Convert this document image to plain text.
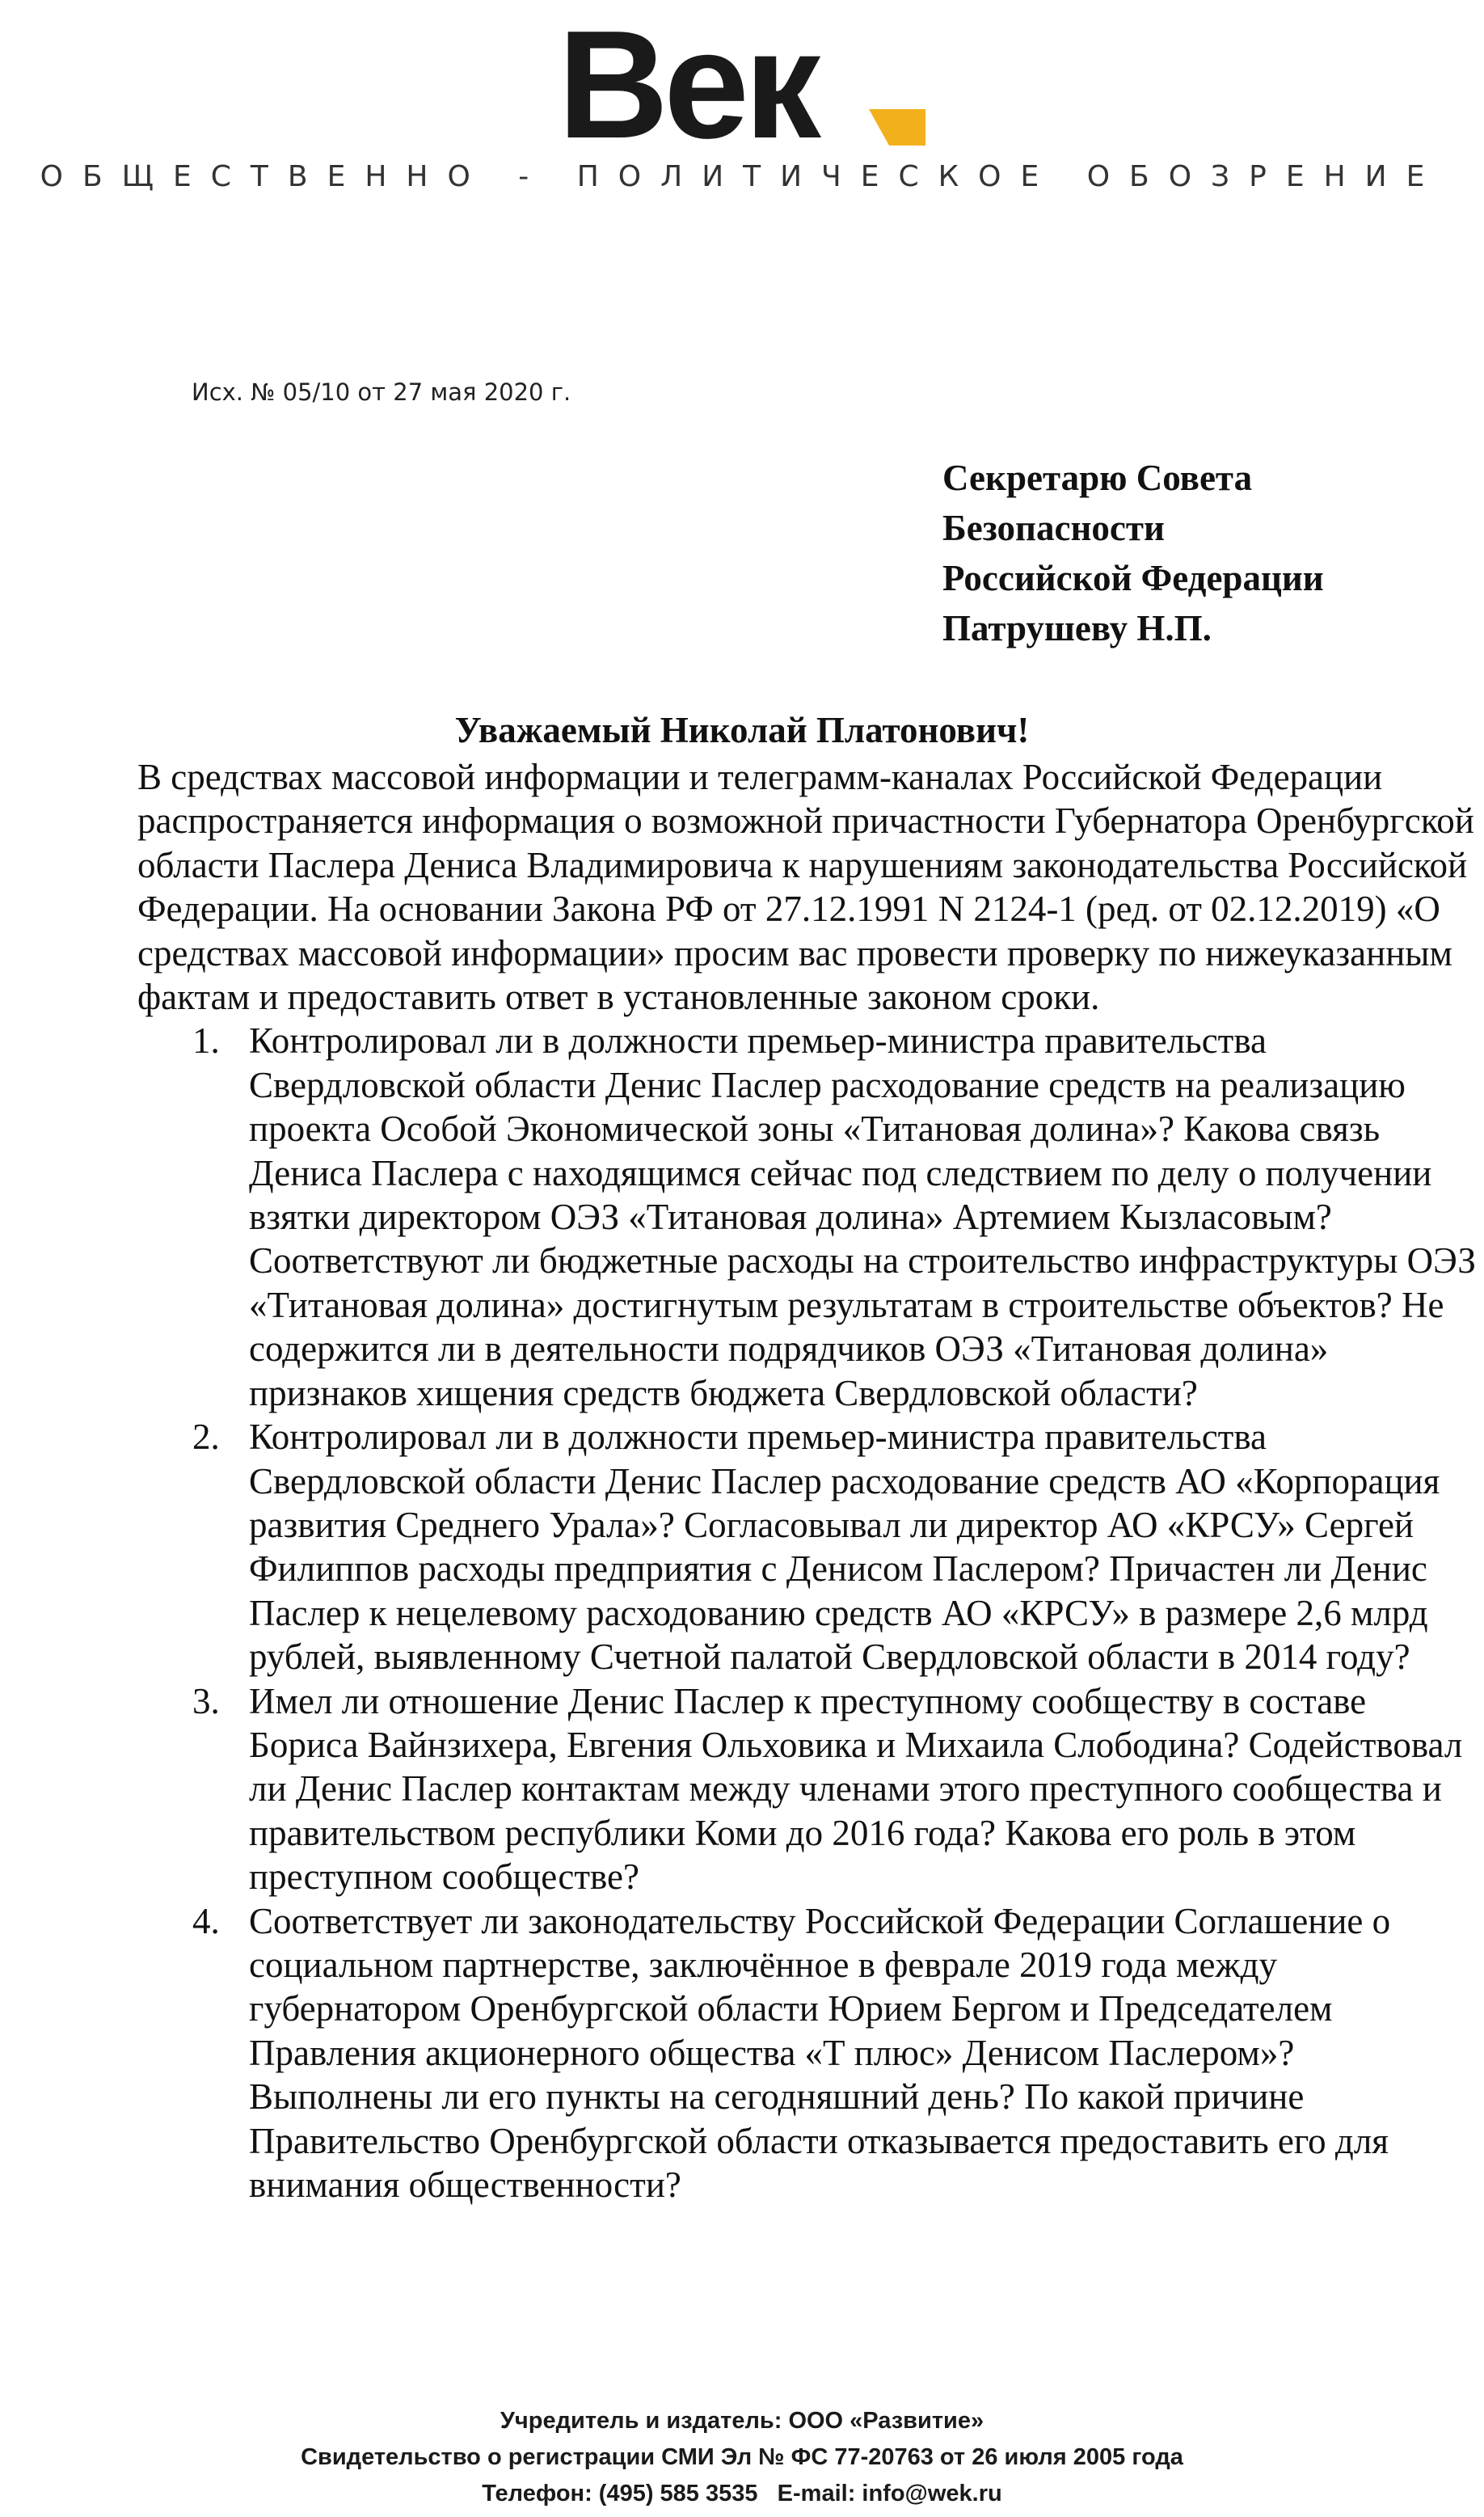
Век
ОБЩЕСТВЕННО - ПОЛИТИЧЕСКОЕ ОБОЗРЕНИЕ
Исх. № 05/10 от 27 мая 2020 г.
Секретарю Совета
Безопасности
Российской Федерации
Патрушеву Н.П.
Уважаемый Николай Платонович!

В средствах массовой информации и телеграмм-каналах Российской Федерации распространяется информация о возможной причастности Губернатора Оренбургской области Паслера Дениса Владимировича к нарушениям законодательства Российской Федерации. На основании Закона РФ от 27.12.1991 N 2124-1 (ред. от 02.12.2019) «О средствах массовой информации» просим вас провести проверку по нижеуказанным фактам и предоставить ответ в установленные законом сроки.

1. Контролировал ли в должности премьер-министра правительства Свердловской области Денис Паслер расходование средств на реализацию проекта Особой Экономической зоны «Титановая долина»? Какова связь Дениса Паслера с находящимся сейчас под следствием по делу о получении взятки директором ОЭЗ «Титановая долина» Артемием Кызласовым? Соответствуют ли бюджетные расходы на строительство инфраструктуры ОЭЗ «Титановая долина» достигнутым результатам в строительстве объектов? Не содержится ли в деятельности подрядчиков ОЭЗ «Титановая долина» признаков хищения средств бюджета Свердловской области?
2. Контролировал ли в должности премьер-министра правительства Свердловской области Денис Паслер расходование средств АО «Корпорация развития Среднего Урала»? Согласовывал ли директор АО «КРСУ» Сергей Филиппов расходы предприятия с Денисом Паслером? Причастен ли Денис Паслер к нецелевому расходованию средств АО «КРСУ» в размере 2,6 млрд рублей, выявленному Счетной палатой Свердловской области в 2014 году?
3. Имел ли отношение Денис Паслер к преступному сообществу в составе Бориса Вайнзихера, Евгения Ольховика и Михаила Слободина? Содействовал ли Денис Паслер контактам между членами этого преступного сообщества и правительством республики Коми до 2016 года? Какова его роль в этом преступном сообществе?
4. Соответствует ли законодательству Российской Федерации Соглашение о социальном партнерстве, заключённое в феврале 2019 года между губернатором Оренбургской области Юрием Бергом и Председателем Правления акционерного общества «Т плюс» Денисом Паслером»? Выполнены ли его пункты на сегодняшний день? По какой причине Правительство Оренбургской области отказывается предоставить его для внимания общественности?
Учредитель и издатель: ООО «Развитие»
Свидетельство о регистрации СМИ Эл № ФС 77-20763 от 26 июля 2005 года
Телефон: (495) 585 3535   E-mail: info@wek.ru
